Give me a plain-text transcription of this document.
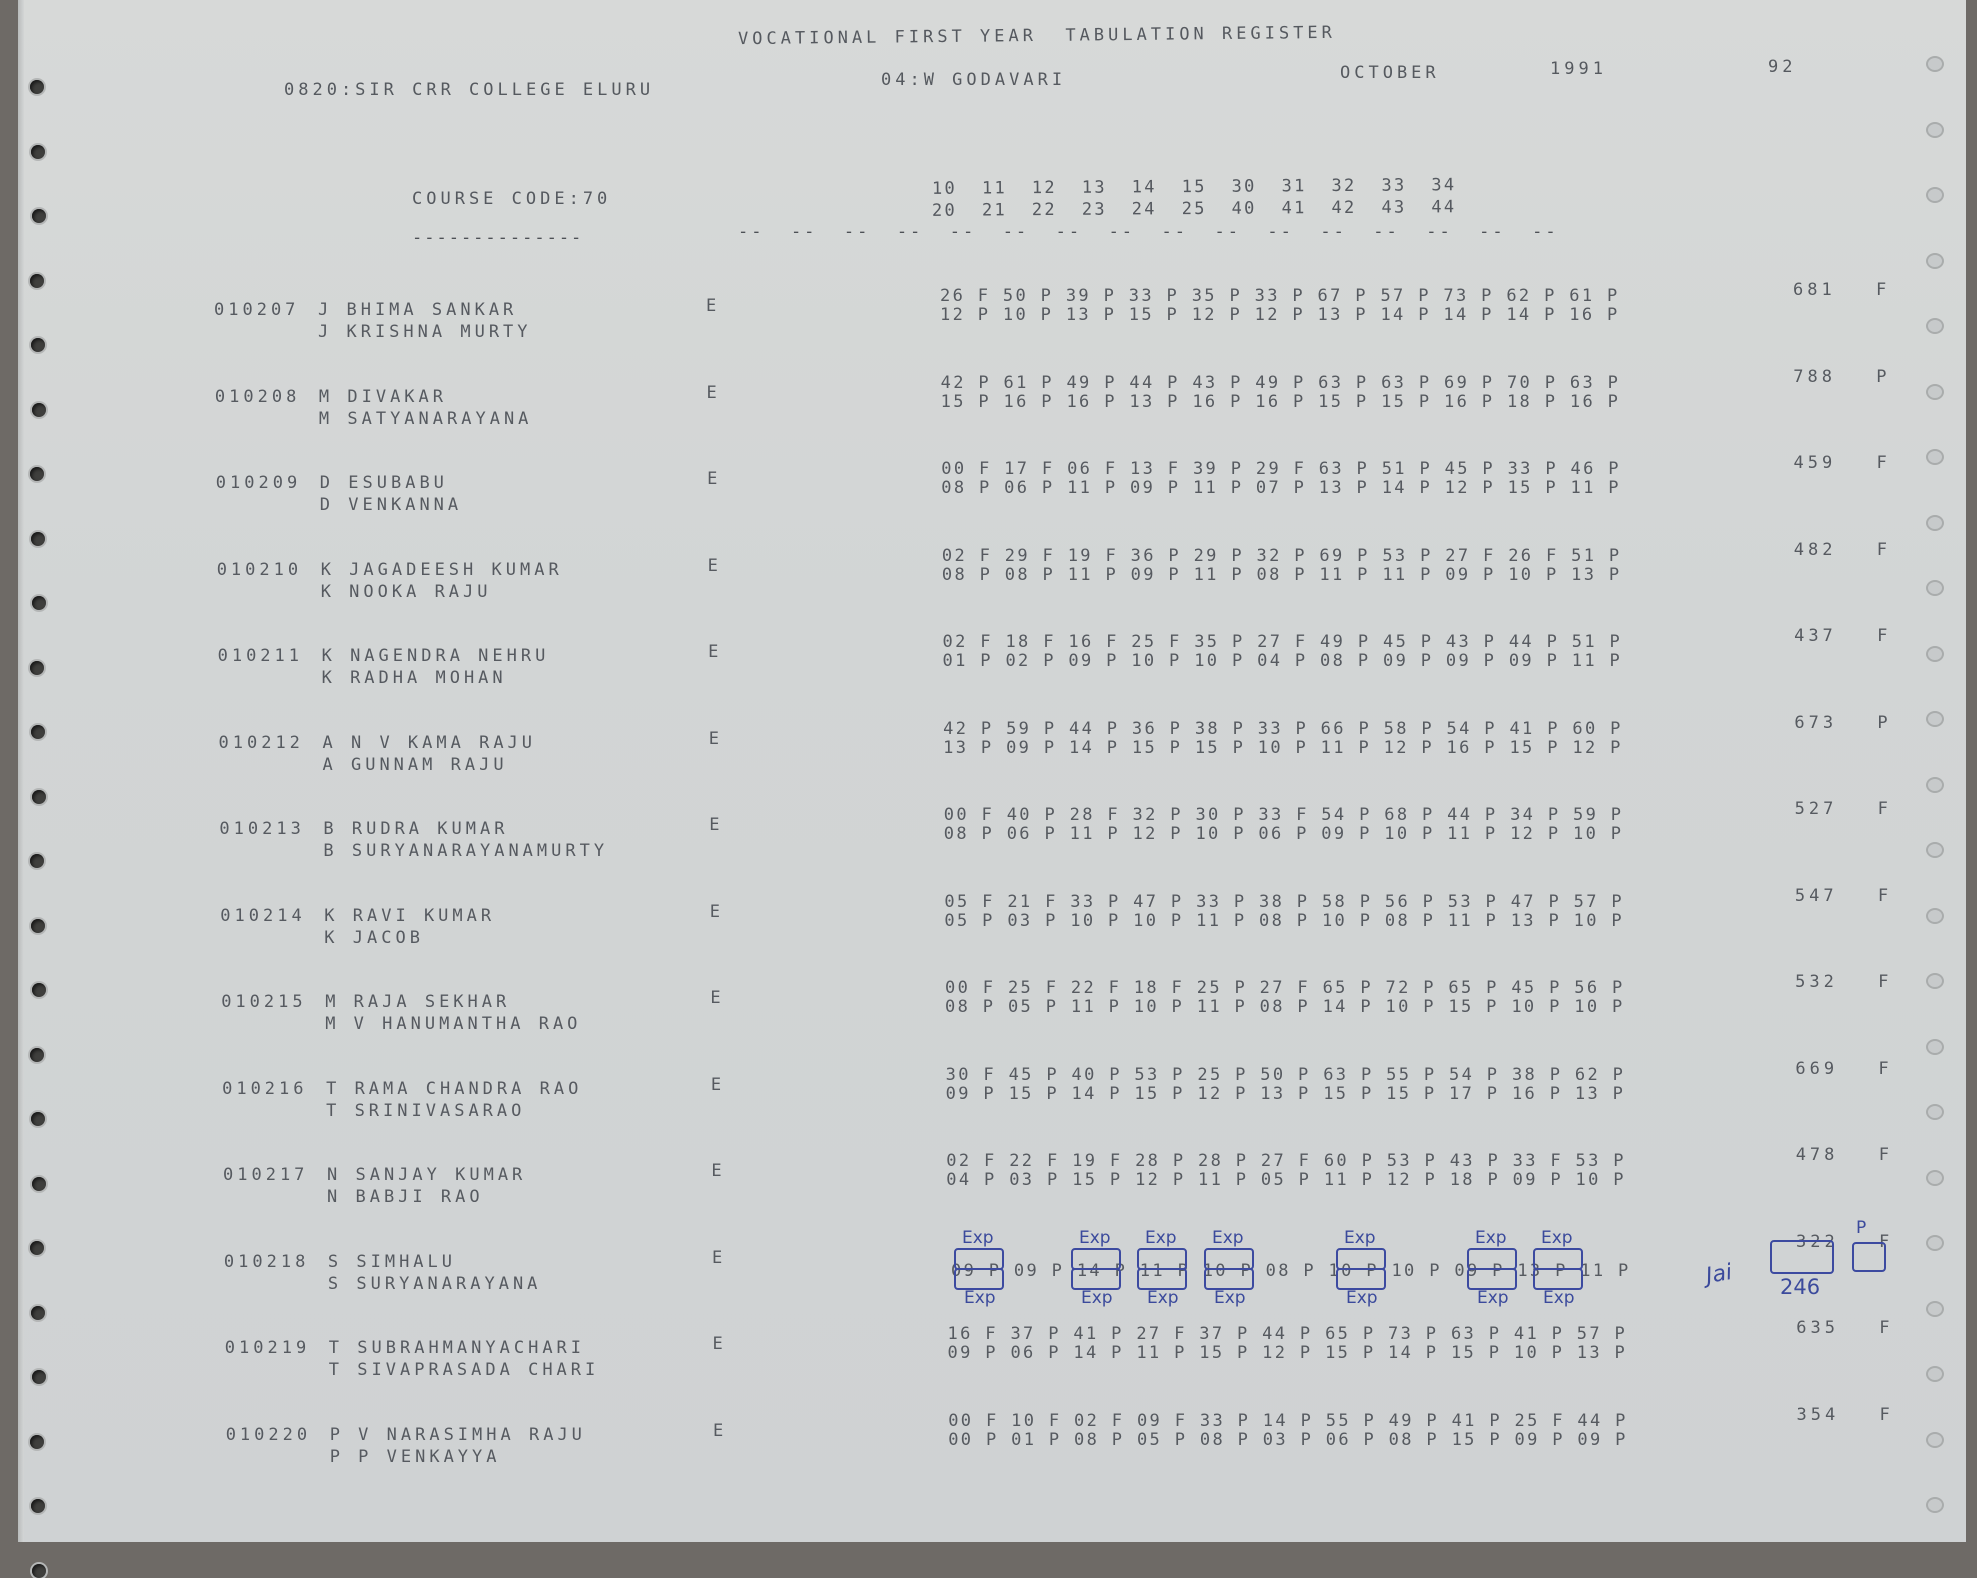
VOCATIONAL FIRST YEAR  TABULATION REGISTER
0820:SIR CRR COLLEGE ELURU	04:W GODAVARI	OCTOBER	1991	92
COURSE CODE:70
--------------
10  11  12  13  14  15  30  31  32  33  34
20  21  22  23  24  25  40  41  42  43  44
--  --  --  --  --  --  --  --  --  --  --  --  --  --  --  --
010207 J BHIMA SANKAR
J KRISHNA MURTY
E	26 F 50 P 39 P 33 P 35 P 33 P 67 P 57 P 73 P 62 P 61 P
12 P 10 P 13 P 15 P 12 P 12 P 13 P 14 P 14 P 14 P 16 P
681 F
010208 M DIVAKAR
M SATYANARAYANA
E	42 P 61 P 49 P 44 P 43 P 49 P 63 P 63 P 69 P 70 P 63 P
15 P 16 P 16 P 13 P 16 P 16 P 15 P 15 P 16 P 18 P 16 P
788 P
010209 D ESUBABU
D VENKANNA
E	00 F 17 F 06 F 13 F 39 P 29 F 63 P 51 P 45 P 33 P 46 P
08 P 06 P 11 P 09 P 11 P 07 P 13 P 14 P 12 P 15 P 11 P
459 F
010210 K JAGADEESH KUMAR
K NOOKA RAJU
E	02 F 29 F 19 F 36 P 29 P 32 P 69 P 53 P 27 F 26 F 51 P
08 P 08 P 11 P 09 P 11 P 08 P 11 P 11 P 09 P 10 P 13 P
482 F
010211 K NAGENDRA NEHRU
K RADHA MOHAN
E	02 F 18 F 16 F 25 F 35 P 27 F 49 P 45 P 43 P 44 P 51 P
01 P 02 P 09 P 10 P 10 P 04 P 08 P 09 P 09 P 09 P 11 P
437 F
010212 A N V KAMA RAJU
A GUNNAM RAJU
E	42 P 59 P 44 P 36 P 38 P 33 P 66 P 58 P 54 P 41 P 60 P
13 P 09 P 14 P 15 P 15 P 10 P 11 P 12 P 16 P 15 P 12 P
673 P
010213 B RUDRA KUMAR
B SURYANARAYANAMURTY
E	00 F 40 P 28 F 32 P 30 P 33 F 54 P 68 P 44 P 34 P 59 P
08 P 06 P 11 P 12 P 10 P 06 P 09 P 10 P 11 P 12 P 10 P
527 F
010214 K RAVI KUMAR
K JACOB
E	05 F 21 F 33 P 47 P 33 P 38 P 58 P 56 P 53 P 47 P 57 P
05 P 03 P 10 P 10 P 11 P 08 P 10 P 08 P 11 P 13 P 10 P
547 F
010215 M RAJA SEKHAR
M V HANUMANTHA RAO
E	00 F 25 F 22 F 18 F 25 P 27 F 65 P 72 P 65 P 45 P 56 P
08 P 05 P 11 P 10 P 11 P 08 P 14 P 10 P 15 P 10 P 10 P
532 F
010216 T RAMA CHANDRA RAO
T SRINIVASARAO
E	30 F 45 P 40 P 53 P 25 P 50 P 63 P 55 P 54 P 38 P 62 P
09 P 15 P 14 P 15 P 12 P 13 P 15 P 15 P 17 P 16 P 13 P
669 F
010217 N SANJAY KUMAR
N BABJI RAO
E	02 F 22 F 19 F 28 P 28 P 27 F 60 P 53 P 43 P 33 F 53 P
04 P 03 P 15 P 12 P 11 P 05 P 11 P 12 P 18 P 09 P 10 P
478 F
010218 S SIMHALU
S SURYANARAYANA
E
09 P 09 P 14 P 11 P 10 P 08 P 10 P 10 P 09 P 13 P 11 P
322 F
010219 T SUBRAHMANYACHARI
T SIVAPRASADA CHARI
E	16 F 37 P 41 P 27 F 37 P 44 P 65 P 73 P 63 P 41 P 57 P
09 P 06 P 14 P 11 P 15 P 12 P 15 P 14 P 15 P 10 P 13 P
635 F
010220 P V NARASIMHA RAJU
P P VENKAYYA
E	00 F 10 F 02 F 09 F 33 P 14 P 55 P 49 P 41 P 25 F 44 P
00 P 01 P 08 P 05 P 08 P 03 P 06 P 08 P 15 P 09 P 09 P
354 F
246
P
Jai
Exp
Exp
Exp
Exp
Exp
Exp
Exp
Exp
Exp
Exp
Exp
Exp
Exp
Exp
